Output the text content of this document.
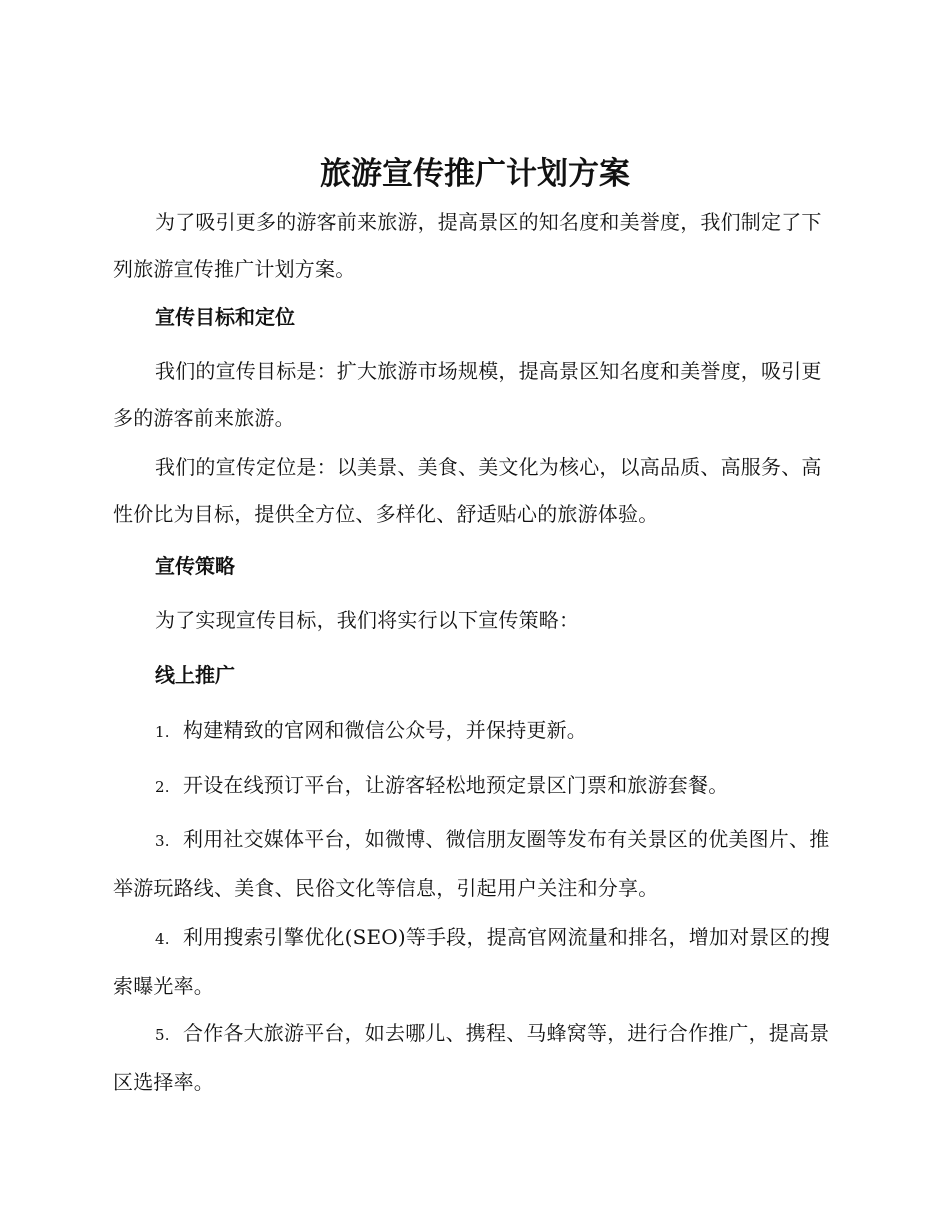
旅游宣传推广计划方案

为了吸引更多的游客前来旅游，提高景区的知名度和美誉度，我们制定了下列旅游宣传推广计划方案。

宣传目标和定位

我们的宣传目标是：扩大旅游市场规模，提高景区知名度和美誉度，吸引更多的游客前来旅游。

我们的宣传定位是：以美景、美食、美文化为核心，以高品质、高服务、高性价比为目标，提供全方位、多样化、舒适贴心的旅游体验。

宣传策略

为了实现宣传目标，我们将实行以下宣传策略：

线上推广

1. 构建精致的官网和微信公众号，并保持更新。

2. 开设在线预订平台，让游客轻松地预定景区门票和旅游套餐。

3. 利用社交媒体平台，如微博、微信朋友圈等发布有关景区的优美图片、推举游玩路线、美食、民俗文化等信息，引起用户关注和分享。

4. 利用搜索引擎优化(SEO)等手段，提高官网流量和排名，增加对景区的搜索曝光率。

5. 合作各大旅游平台，如去哪儿、携程、马蜂窝等，进行合作推广，提高景区选择率。
